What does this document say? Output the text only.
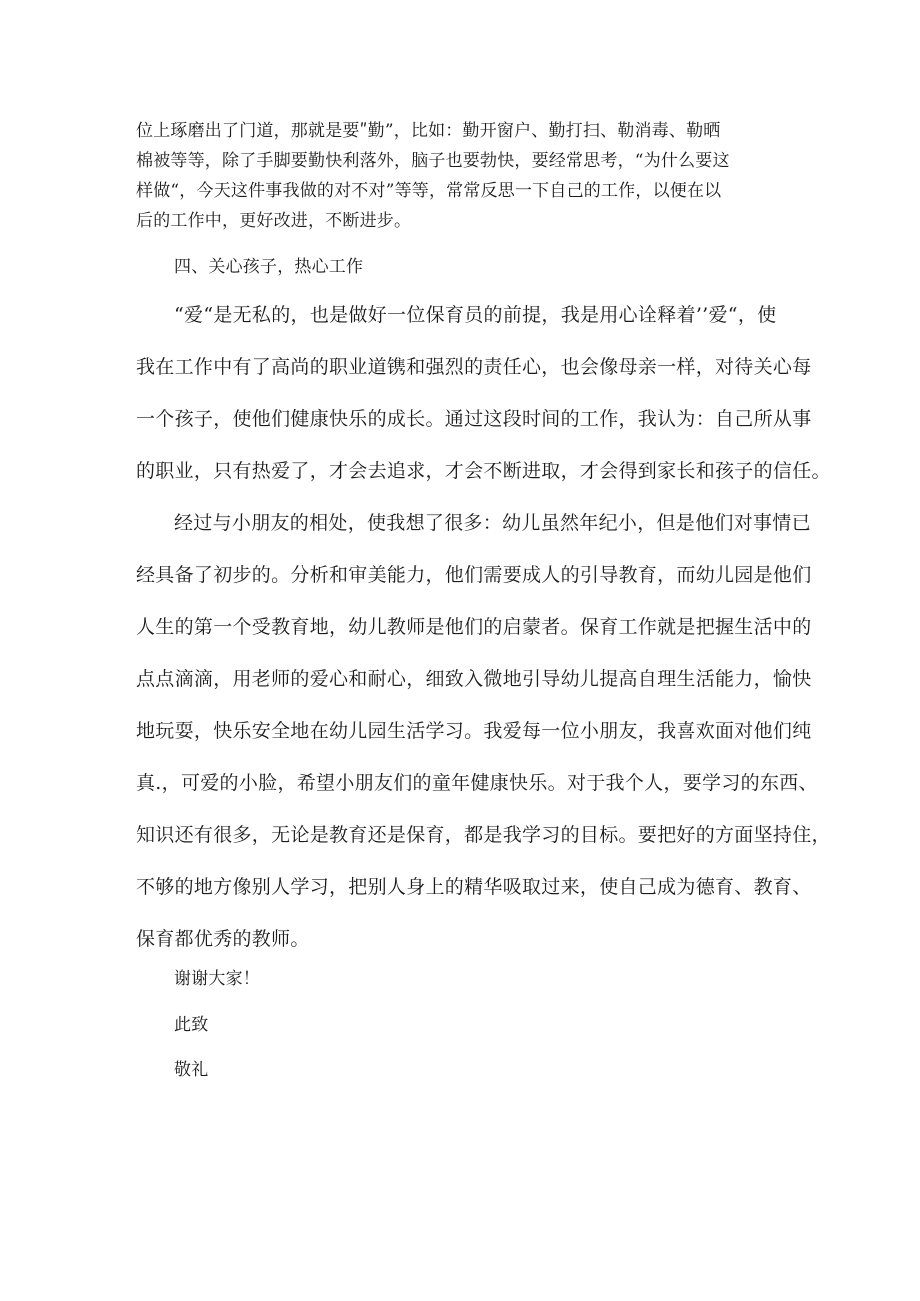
位上琢磨出了门道，那就是要ʺ勤”，比如：勤开窗户、勤打扫、勒消毒、勒晒

棉被等等，除了手脚要勤快利落外，脑子也要勃快，要经常思考，“为什么要这

样做“，今天这件事我做的对不对”等等，常常反思一下自己的工作，以便在以

后的工作中，更好改进，不断进步。

四、关心孩子，热心工作

“爱“是无私的，也是做好一位保育员的前提，我是用心诠释着’’爱“，使

我在工作中有了高尚的职业道镌和强烈的责任心，也会像母亲一样，对待关心每

一个孩子，使他们健康快乐的成长。通过这段时间的工作，我认为：自己所从事

的职业，只有热爱了，才会去追求，才会不断进取，才会得到家长和孩子的信任。

经过与小朋友的相处，使我想了很多：幼儿虽然年纪小，但是他们对事情已

经具备了初步的。分析和审美能力，他们需要成人的引导教育，而幼儿园是他们

人生的第一个受教育地，幼儿教师是他们的启蒙者。保育工作就是把握生活中的

点点滴滴，用老师的爱心和耐心，细致入微地引导幼儿提高自理生活能力，愉快

地玩耍，快乐安全地在幼儿园生活学习。我爱每一位小朋友，我喜欢面对他们纯

真.，可爱的小脸，希望小朋友们的童年健康快乐。对于我个人，要学习的东西、

知识还有很多，无论是教育还是保育，都是我学习的目标。要把好的方面坚持住，

不够的地方像别人学习，把别人身上的精华吸取过来，使自己成为德育、教育、

保育都优秀的教师。

谢谢大家！

此致

敬礼
